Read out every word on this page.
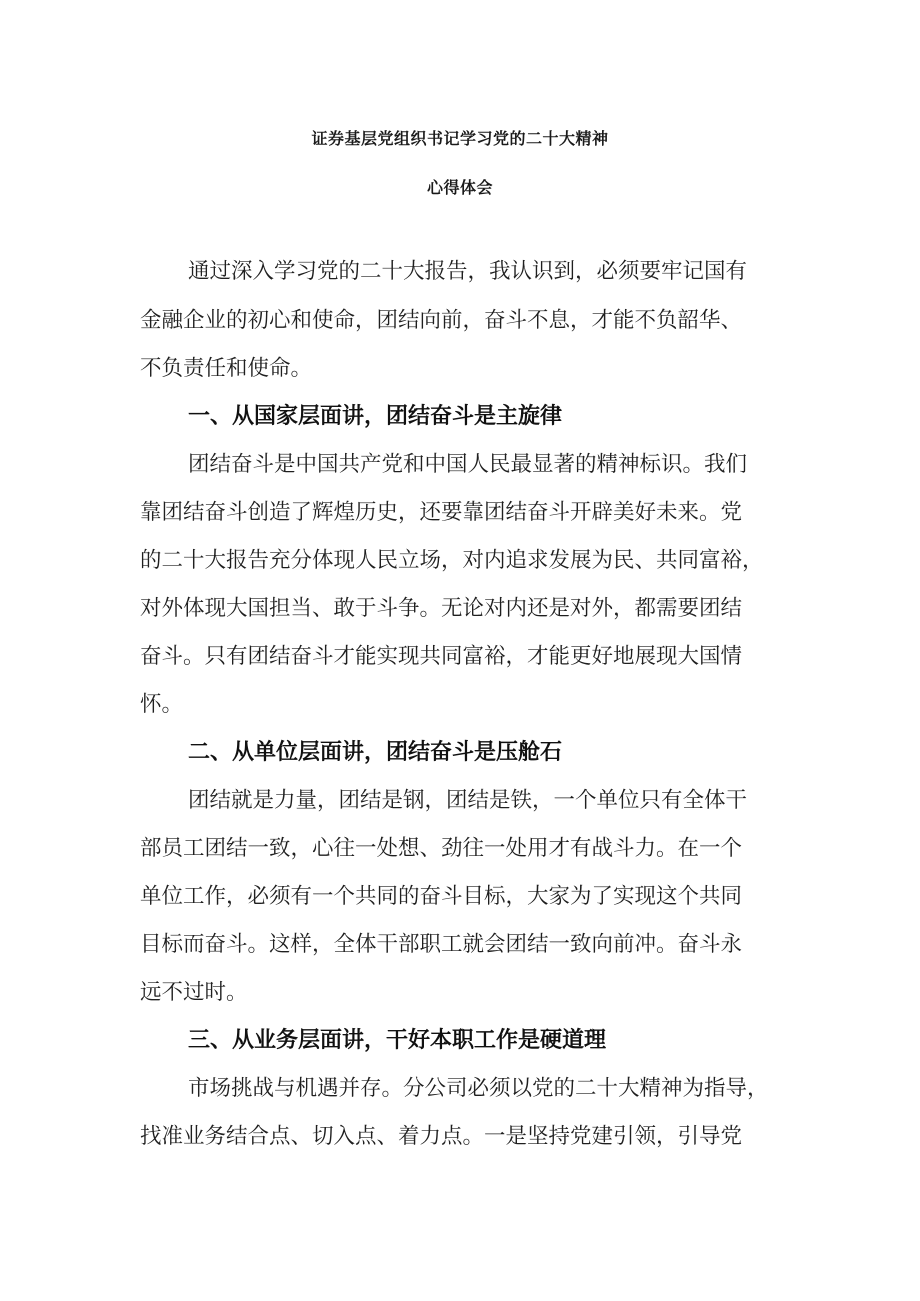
证券基层党组织书记学习党的二十大精神
心得体会
通过深入学习党的二十大报告，我认识到，必须要牢记国有
金融企业的初心和使命，团结向前，奋斗不息，才能不负韶华、
不负责任和使命。
一、从国家层面讲，团结奋斗是主旋律
团结奋斗是中国共产党和中国人民最显著的精神标识。我们
靠团结奋斗创造了辉煌历史，还要靠团结奋斗开辟美好未来。党
的二十大报告充分体现人民立场，对内追求发展为民、共同富裕，
对外体现大国担当、敢于斗争。无论对内还是对外，都需要团结
奋斗。只有团结奋斗才能实现共同富裕，才能更好地展现大国情
怀。
二、从单位层面讲，团结奋斗是压舱石
团结就是力量，团结是钢，团结是铁，一个单位只有全体干
部员工团结一致，心往一处想、劲往一处用才有战斗力。在一个
单位工作，必须有一个共同的奋斗目标，大家为了实现这个共同
目标而奋斗。这样，全体干部职工就会团结一致向前冲。奋斗永
远不过时。
三、从业务层面讲，干好本职工作是硬道理
市场挑战与机遇并存。分公司必须以党的二十大精神为指导，
找准业务结合点、切入点、着力点。一是坚持党建引领，引导党
